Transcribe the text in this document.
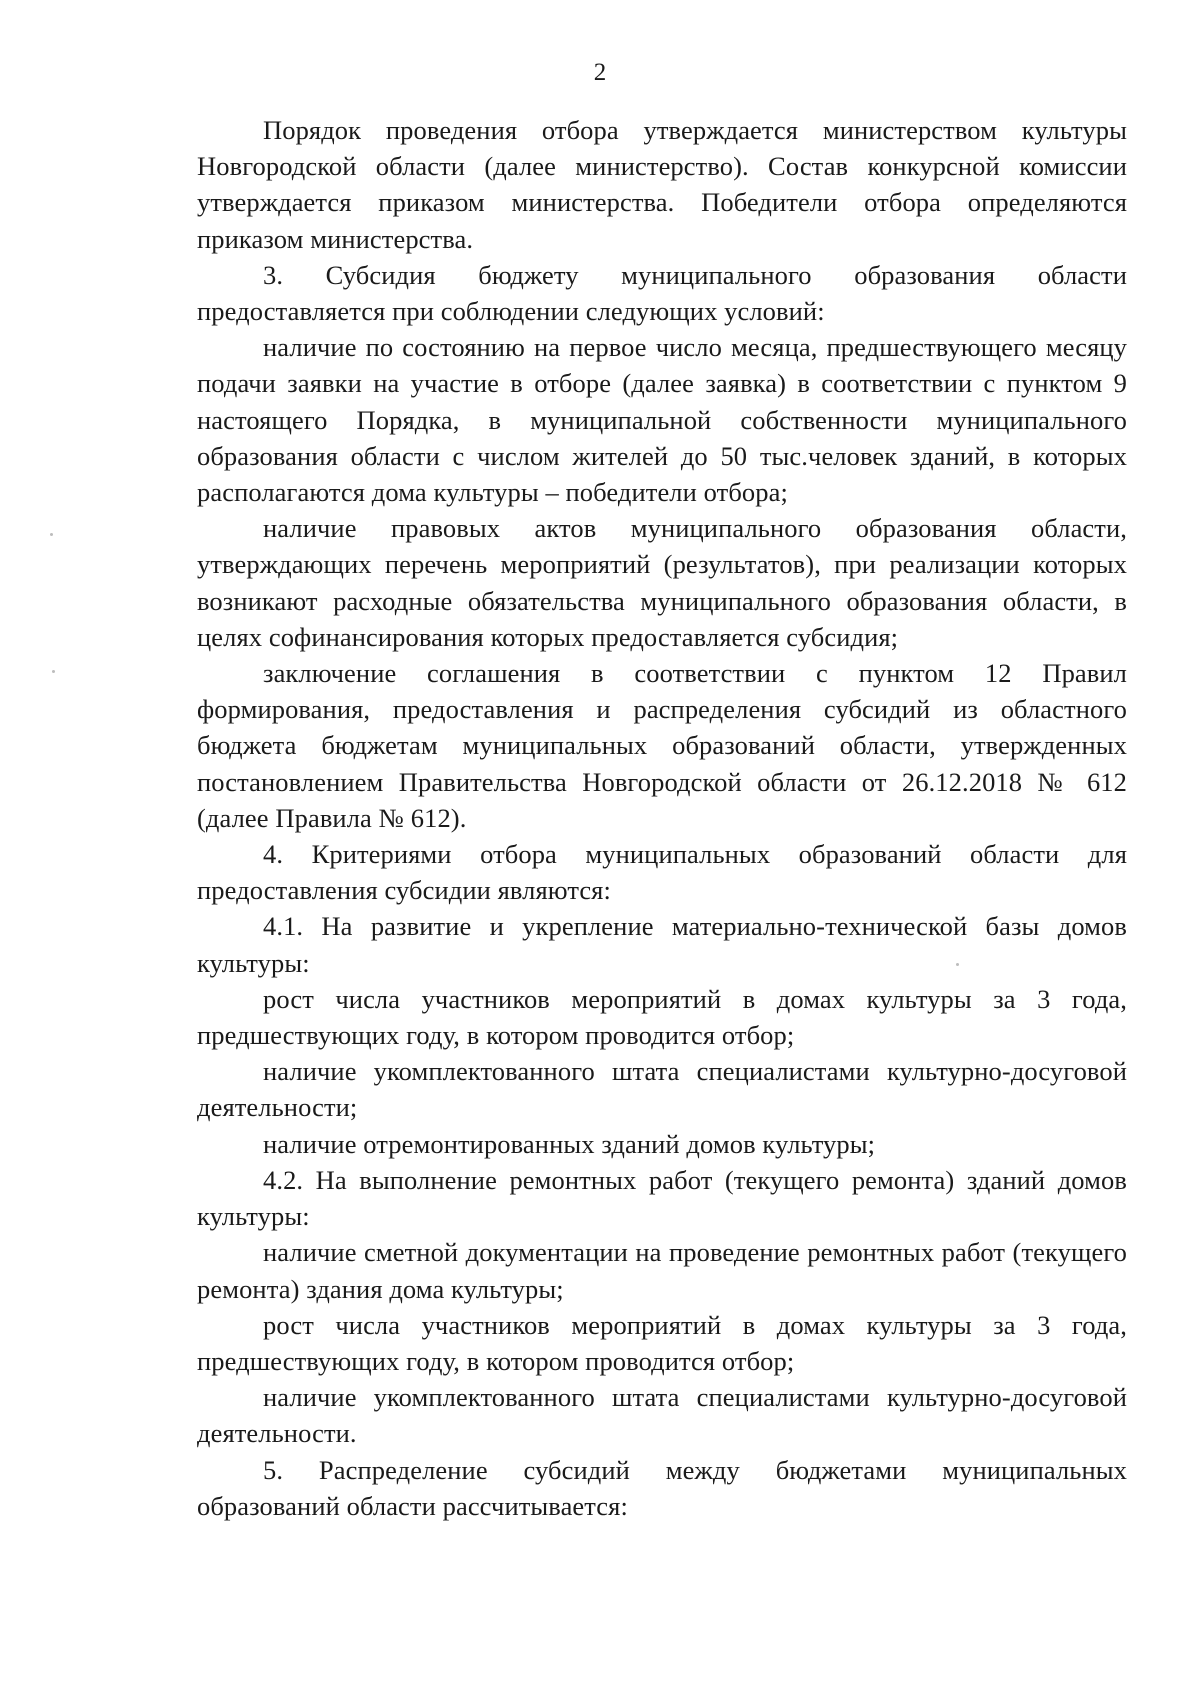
2

Порядок проведения отбора утверждается министерством культуры Новгородской области (далее министерство). Состав конкурсной комиссии утверждается приказом министерства. Победители отбора определяются приказом министерства.

3. Субсидия бюджету муниципального образования области предоставляется при соблюдении следующих условий:

наличие по состоянию на первое число месяца, предшествующего месяцу подачи заявки на участие в отборе (далее заявка) в соответствии с пунктом 9 настоящего Порядка, в муниципальной собственности муниципального образования области с числом жителей до 50 тыс.человек зданий, в которых располагаются дома культуры – победители отбора;

наличие правовых актов муниципального образования области, утверждающих перечень мероприятий (результатов), при реализации которых возникают расходные обязательства муниципального образования области, в целях софинансирования которых предоставляется субсидия;

заключение соглашения в соответствии с пунктом 12 Правил формирования, предоставления и распределения субсидий из областного бюджета бюджетам муниципальных образований области, утвержденных постановлением Правительства Новгородской области от 26.12.2018 № 612 (далее Правила № 612).

4. Критериями отбора муниципальных образований области для предоставления субсидии являются:

4.1. На развитие и укрепление материально-технической базы домов культуры:

рост числа участников мероприятий в домах культуры за 3 года, предшествующих году, в котором проводится отбор;

наличие укомплектованного штата специалистами культурно-досуговой деятельности;

наличие отремонтированных зданий домов культуры;

4.2. На выполнение ремонтных работ (текущего ремонта) зданий домов культуры:

наличие сметной документации на проведение ремонтных работ (текущего ремонта) здания дома культуры;

рост числа участников мероприятий в домах культуры за 3 года, предшествующих году, в котором проводится отбор;

наличие укомплектованного штата специалистами культурно-досуговой деятельности.

5. Распределение субсидий между бюджетами муниципальных образований области рассчитывается:
